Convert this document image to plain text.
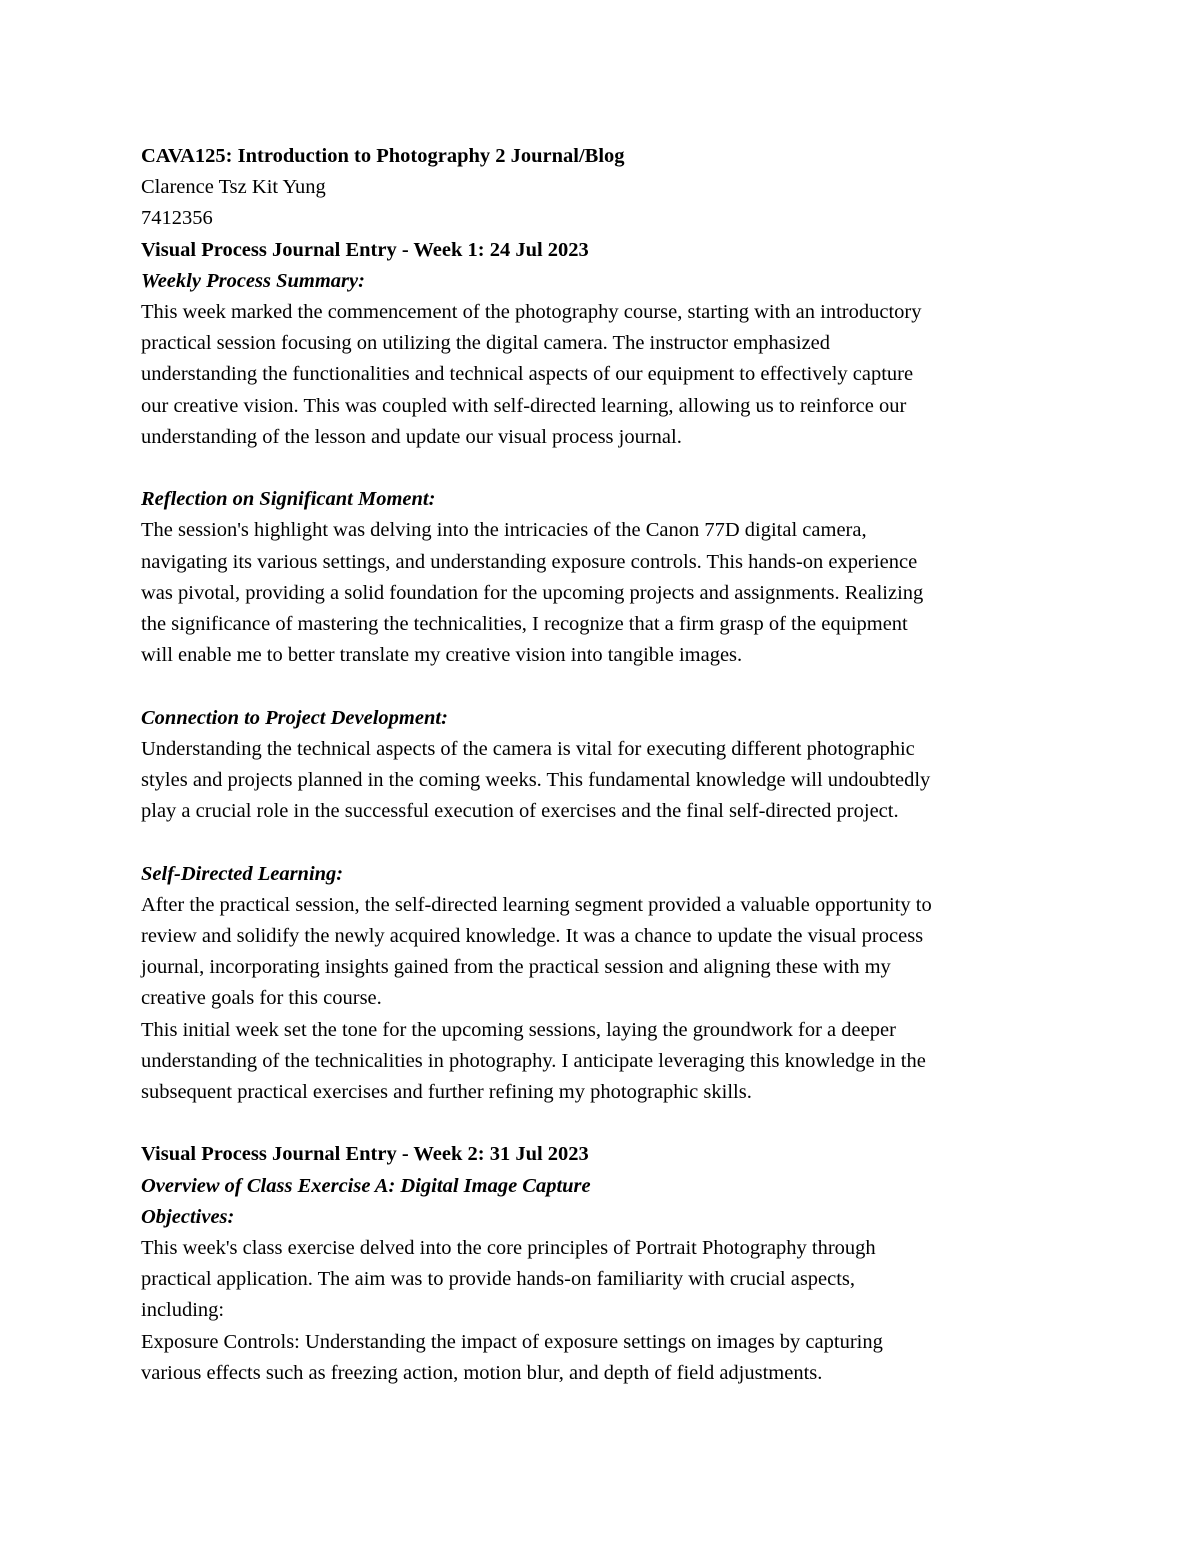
CAVA125: Introduction to Photography 2 Journal/Blog
Clarence Tsz Kit Yung
7412356
Visual Process Journal Entry - Week 1: 24 Jul 2023
Weekly Process Summary:
This week marked the commencement of the photography course, starting with an introductory
practical session focusing on utilizing the digital camera. The instructor emphasized
understanding the functionalities and technical aspects of our equipment to effectively capture
our creative vision. This was coupled with self-directed learning, allowing us to reinforce our
understanding of the lesson and update our visual process journal.
Reflection on Significant Moment:
The session's highlight was delving into the intricacies of the Canon 77D digital camera,
navigating its various settings, and understanding exposure controls. This hands-on experience
was pivotal, providing a solid foundation for the upcoming projects and assignments. Realizing
the significance of mastering the technicalities, I recognize that a firm grasp of the equipment
will enable me to better translate my creative vision into tangible images.
Connection to Project Development:
Understanding the technical aspects of the camera is vital for executing different photographic
styles and projects planned in the coming weeks. This fundamental knowledge will undoubtedly
play a crucial role in the successful execution of exercises and the final self-directed project.
Self-Directed Learning:
After the practical session, the self-directed learning segment provided a valuable opportunity to
review and solidify the newly acquired knowledge. It was a chance to update the visual process
journal, incorporating insights gained from the practical session and aligning these with my
creative goals for this course.
This initial week set the tone for the upcoming sessions, laying the groundwork for a deeper
understanding of the technicalities in photography. I anticipate leveraging this knowledge in the
subsequent practical exercises and further refining my photographic skills.
Visual Process Journal Entry - Week 2: 31 Jul 2023
Overview of Class Exercise A: Digital Image Capture
Objectives:
This week's class exercise delved into the core principles of Portrait Photography through
practical application. The aim was to provide hands-on familiarity with crucial aspects,
including:
Exposure Controls: Understanding the impact of exposure settings on images by capturing
various effects such as freezing action, motion blur, and depth of field adjustments.
